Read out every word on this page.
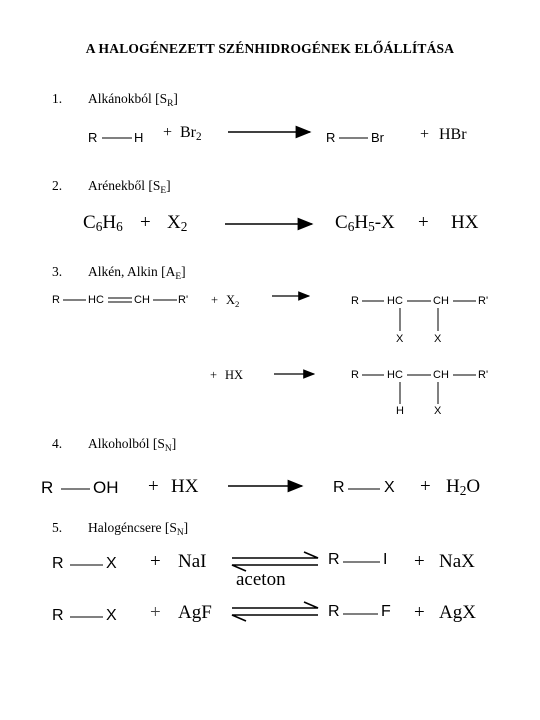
A HALOGÉNEZETT SZÉNHIDROGÉNEK ELŐÁLLÍTÁSA
1. Alkánokból $[S_R]$
2. Arénekből $[S_E]$
3. Alkén, Alkin $[A_E]$
4. Alkoholból $[S_N]$
5. Halogéncsere $[S_N]$
R	$H + Br_2$	R	Br + HBr
$C_6H_6 + X_2$	$C_6H_5-X$ + HX
R	HC	CH	$R' + X_2$	R	HC	CH	R'
X	X
+ HX	R	HC	CH	R'
H	X
R OH + HX	R $X + H_2O$
R	X + NaI	R	I + NaX
aceton
R	X + AgF	R	F + AgX
